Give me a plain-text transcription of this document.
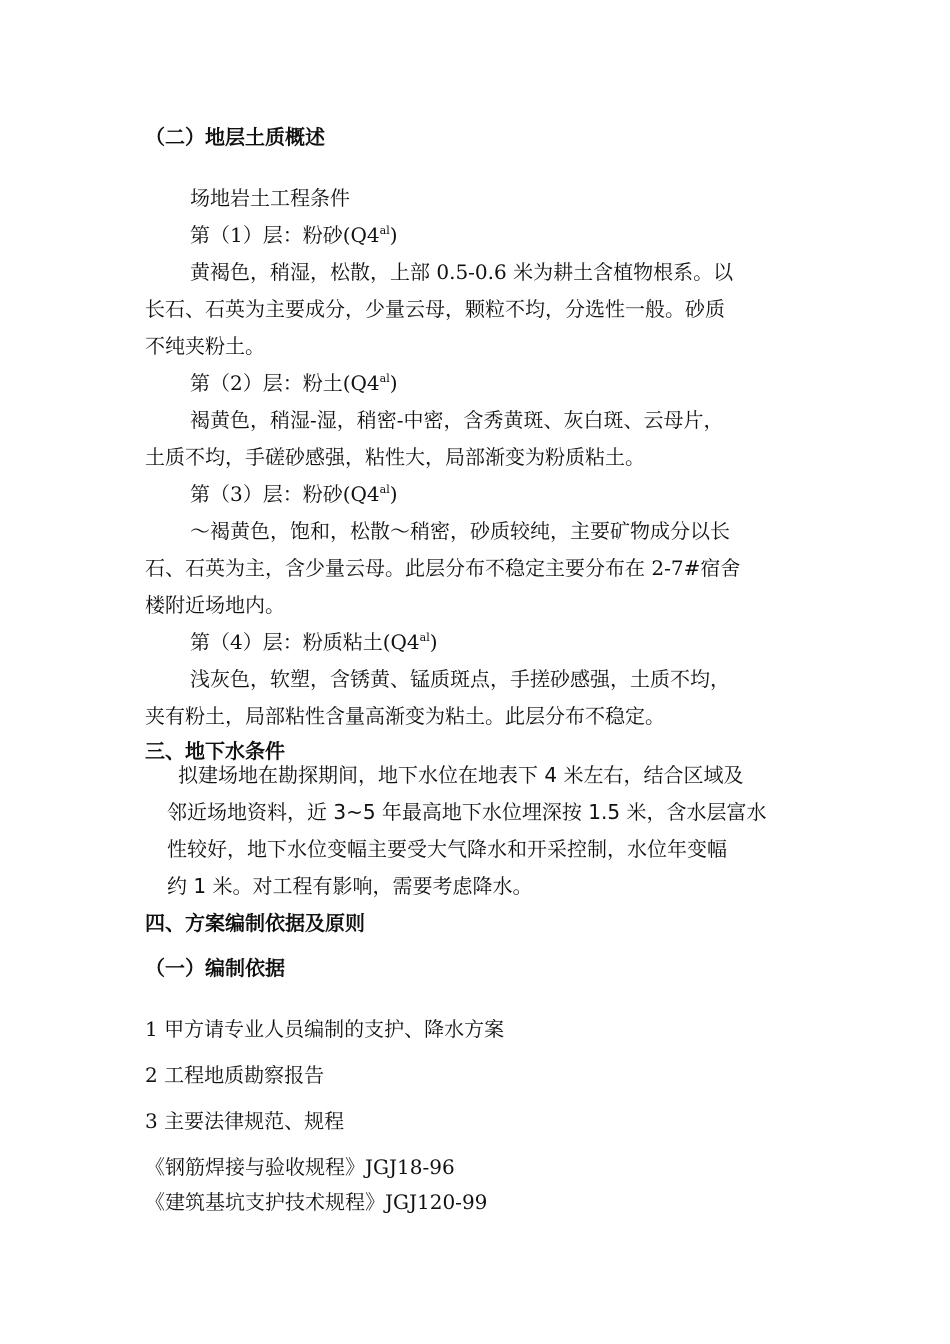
（二）地层土质概述
场地岩土工程条件
第（1）层：粉砂$(Q4^{al})$
黄褐色，稍湿，松散，上部 0.5-0.6 米为耕土含植物根系。以
长石、石英为主要成分，少量云母，颗粒不均，分选性一般。砂质
不纯夹粉土。
第（2）层：粉土$(Q4^{al})$
褐黄色，稍湿-湿，稍密-中密，含秀黄斑、灰白斑、云母片，
土质不均，手磋砂感强，粘性大，局部渐变为粉质粘土。
第（3）层：粉砂$(Q4^{al})$
～褐黄色，饱和，松散～稍密，砂质较纯，主要矿物成分以长
石、石英为主，含少量云母。此层分布不稳定主要分布在 2-7#宿舍
楼附近场地内。
第（4）层：粉质粘土$(Q4^{al})$
浅灰色，软塑，含锈黄、锰质斑点，手搓砂感强，土质不均，
夹有粉土，局部粘性含量高渐变为粘土。此层分布不稳定。
三、地下水条件
拟建场地在勘探期间，地下水位在地表下 4 米左右，结合区域及
邻近场地资料，近 3~5 年最高地下水位埋深按 1.5 米，含水层富水
性较好，地下水位变幅主要受大气降水和开采控制，水位年变幅
约 1 米。对工程有影响，需要考虑降水。
四、方案编制依据及原则
（一）编制依据
1 甲方请专业人员编制的支护、降水方案
2 工程地质勘察报告
3 主要法律规范、规程
《钢筋焊接与验收规程》JGJ18-96
《建筑基坑支护技术规程》JGJ120-99
